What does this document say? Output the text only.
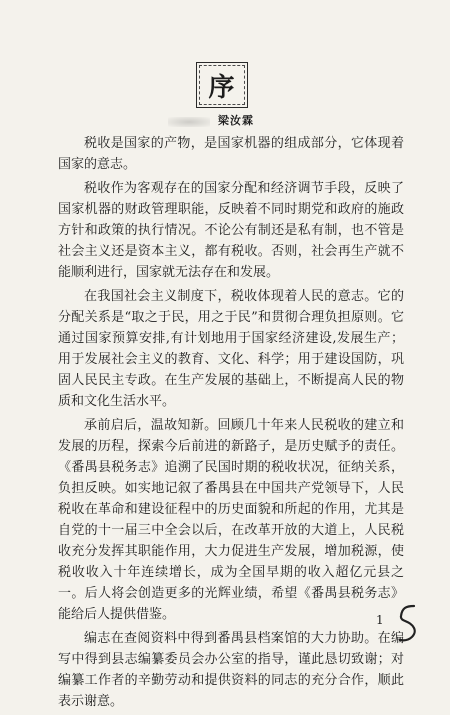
序
梁汝霖

税收是国家的产物，是国家机器的组成部分，它体现着国家的意志。

税收作为客观存在的国家分配和经济调节手段，反映了国家机器的财政管理职能，反映着不同时期党和政府的施政方针和政策的执行情况。不论公有制还是私有制，也不管是社会主义还是资本主义，都有税收。否则，社会再生产就不能顺利进行，国家就无法存在和发展。

在我国社会主义制度下，税收体现着人民的意志。它的分配关系是“取之于民，用之于民”和贯彻合理负担原则。它通过国家预算安排,有计划地用于国家经济建设,发展生产；用于发展社会主义的教育、文化、科学；用于建设国防，巩固人民民主专政。在生产发展的基础上，不断提高人民的物质和文化生活水平。

承前启后，温故知新。回顾几十年来人民税收的建立和发展的历程，探索今后前进的新路子，是历史赋予的责任。《番禺县税务志》追溯了民国时期的税收状况，征纳关系，负担反映。如实地记叙了番禺县在中国共产党领导下，人民税收在革命和建设征程中的历史面貌和所起的作用，尤其是自党的十一届三中全会以后，在改革开放的大道上，人民税收充分发挥其职能作用，大力促进生产发展，增加税源，使税收收入十年连续增长，成为全国早期的收入超亿元县之一。后人将会创造更多的光辉业绩，希望《番禺县税务志》能给后人提供借鉴。

编志在查阅资料中得到番禺县档案馆的大力协助。在编写中得到县志编纂委员会办公室的指导，谨此恳切致谢；对编纂工作者的辛勤劳动和提供资料的同志的充分合作，顺此表示谢意。

1
